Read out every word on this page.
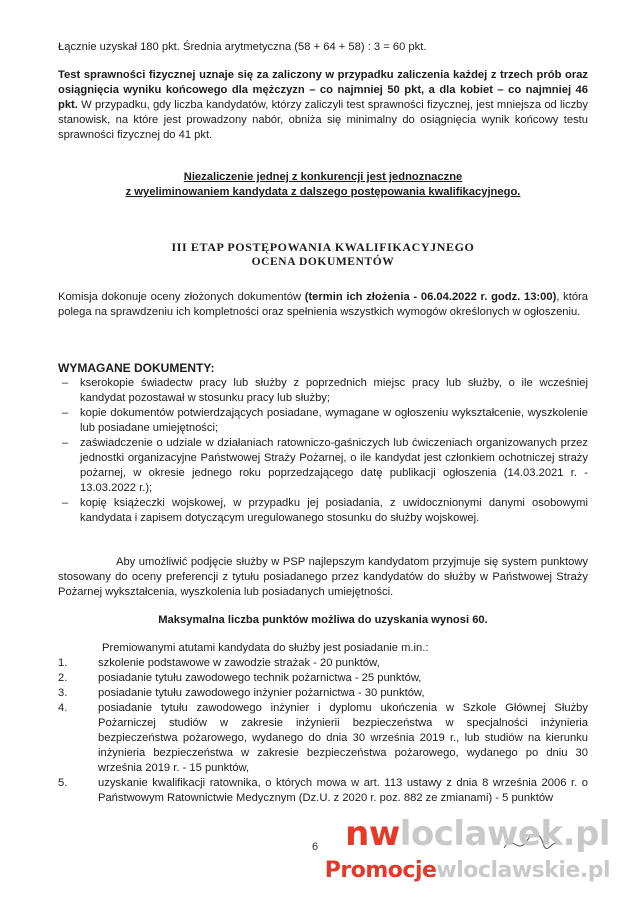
Łącznie uzyskał 180 pkt. Średnia arytmetyczna (58 + 64 + 58) : 3 = 60 pkt.
Test sprawności fizycznej uznaje się za zaliczony w przypadku zaliczenia każdej z trzech prób oraz osiągnięcia wyniku końcowego dla mężczyzn – co najmniej 50 pkt, a dla kobiet – co najmniej 46 pkt. W przypadku, gdy liczba kandydatów, którzy zaliczyli test sprawności fizycznej, jest mniejsza od liczby stanowisk, na które jest prowadzony nabór, obniża się minimalny do osiągnięcia wynik końcowy testu sprawności fizycznej do 41 pkt.
Niezaliczenie jednej z konkurencji jest jednoznaczne
z wyeliminowaniem kandydata z dalszego postępowania kwalifikacyjnego.
III ETAP POSTĘPOWANIA KWALIFIKACYJNEGO
OCENA DOKUMENTÓW
Komisja dokonuje oceny złożonych dokumentów (termin ich złożenia - 06.04.2022 r. godz. 13:00), która polega na sprawdzeniu ich kompletności oraz spełnienia wszystkich wymogów określonych w ogłoszeniu.
WYMAGANE DOKUMENTY:
– kserokopie świadectw pracy lub służby z poprzednich miejsc pracy lub służby, o ile wcześniej kandydat pozostawał w stosunku pracy lub służby;
– kopie dokumentów potwierdzających posiadane, wymagane w ogłoszeniu wykształcenie, wyszkolenie lub posiadane umiejętności;
– zaświadczenie o udziale w działaniach ratowniczo-gaśniczych lub ćwiczeniach organizowanych przez jednostki organizacyjne Państwowej Straży Pożarnej, o ile kandydat jest członkiem ochotniczej straży pożarnej, w okresie jednego roku poprzedzającego datę publikacji ogłoszenia (14.03.2021 r. - 13.03.2022 r.);
– kopię książeczki wojskowej, w przypadku jej posiadania, z uwidocznionymi danymi osobowymi kandydata i zapisem dotyczącym uregulowanego stosunku do służby wojskowej.
Aby umożliwić podjęcie służby w PSP najlepszym kandydatom przyjmuje się system punktowy stosowany do oceny preferencji z tytułu posiadanego przez kandydatów do służby w Państwowej Straży Pożarnej wykształcenia, wyszkolenia lub posiadanych umiejętności.
Maksymalna liczba punktów możliwa do uzyskania wynosi 60.
Premiowanymi atutami kandydata do służby jest posiadanie m.in.:
1.	szkolenie podstawowe w zawodzie strażak - 20 punktów,
2.	posiadanie tytułu zawodowego technik pożarnictwa - 25 punktów,
3.	posiadanie tytułu zawodowego inżynier pożarnictwa - 30 punktów,
4.	posiadanie tytułu zawodowego inżynier i dyplomu ukończenia w Szkole Głównej Służby Pożarniczej studiów w zakresie inżynierii bezpieczeństwa w specjalności inżynieria bezpieczeństwa pożarowego, wydanego do dnia 30 września 2019 r., lub studiów na kierunku inżynieria bezpieczeństwa w zakresie bezpieczeństwa pożarowego, wydanego po dniu 30 września 2019 r. - 15 punktów,
5.	uzyskanie kwalifikacji ratownika, o których mowa w art. 113 ustawy z dnia 8 września 2006 r. o Państwowym Ratownictwie Medycznym (Dz.U. z 2020 r. poz. 882 ze zmianami) - 5 punktów
6 nwloclawek.pl
Promocjewloclawskie.pl
